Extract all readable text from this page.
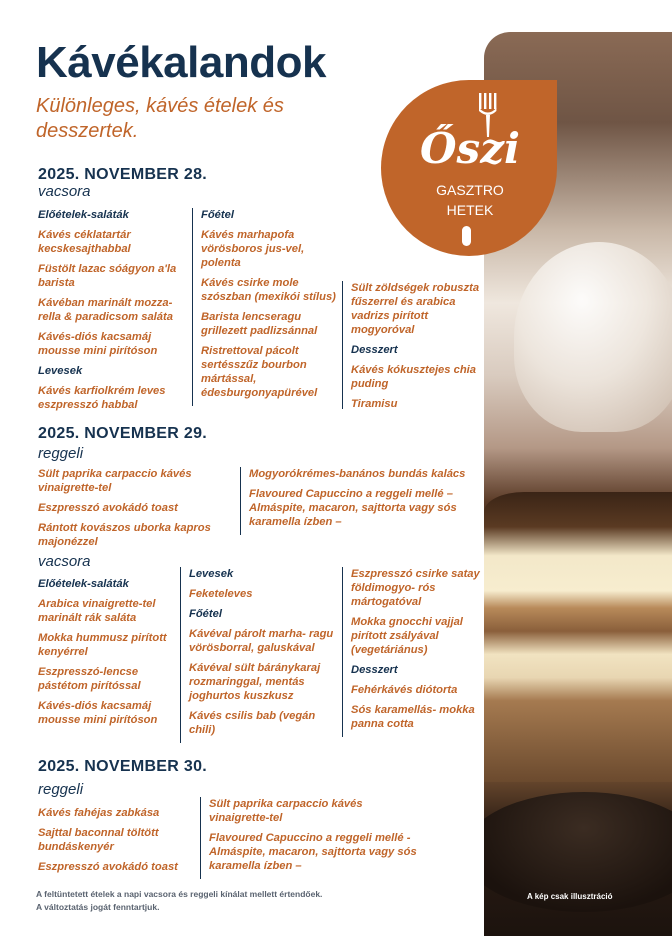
A kép csak illusztráció
Őszi
GASZTRO
HETEK
Kávékalandok
Különleges, kávés ételek és desszertek.
2025. NOVEMBER 28.
vacsora
Előételek-saláták
Kávés céklatartár kecskesajthabbal
Füstölt lazac sóágyon a'la barista
Kávéban marinált mozza- rella & paradicsom saláta
Kávés-diós kacsamáj mousse mini pirítóson
Levesek
Kávés karfiolkrém leves eszpresszó habbal
Főétel
Kávés marhapofa vörösboros jus-vel, polenta
Kávés csirke mole szószban (mexikói stílus)
Barista lencseragu grillezett padlizsánnal
Ristrettoval pácolt sertésszűz bourbon mártással, édesburgonyapürével
Sült zöldségek robuszta fűszerrel és arabica vadrizs pirított mogyoróval
Desszert
Kávés kókusztejes chia puding
Tiramisu
2025. NOVEMBER 29.
reggeli
Sült paprika carpaccio kávés vinaigrette-tel
Eszpresszó avokádó toast
Rántott kovászos uborka kapros majonézzel
Mogyorókrémes-banános bundás kalács
Flavoured Capuccino a reggeli mellé – Almáspite, macaron, sajttorta vagy sós karamella ízben –
vacsora
Előételek-saláták
Arabica vinaigrette-tel marinált rák saláta
Mokka hummusz pirított kenyérrel
Eszpresszó-lencse pástétom pirítóssal
Kávés-diós kacsamáj mousse mini pirítóson
Levesek
Feketeleves
Főétel
Kávéval párolt marha- ragu vörösborral, galuskával
Kávéval sült báránykaraj rozmaringgal, mentás joghurtos kuszkusz
Kávés csilis bab (vegán chili)
Eszpresszó csirke satay földimogyo- rós mártogatóval
Mokka gnocchi vajjal pirított zsályával (vegetáriánus)
Desszert
Fehérkávés diótorta
Sós karamellás- mokka panna cotta
2025. NOVEMBER 30.
reggeli
Kávés fahéjas zabkása
Sajttal baconnal töltött bundáskenyér
Eszpresszó avokádó toast
Sült paprika carpaccio kávés vinaigrette-tel
Flavoured Capuccino a reggeli mellé - Almáspite, macaron, sajttorta vagy sós karamella ízben –
A feltüntetett ételek a napi vacsora és reggeli kínálat mellett értendőek.
A változtatás jogát fenntartjuk.
